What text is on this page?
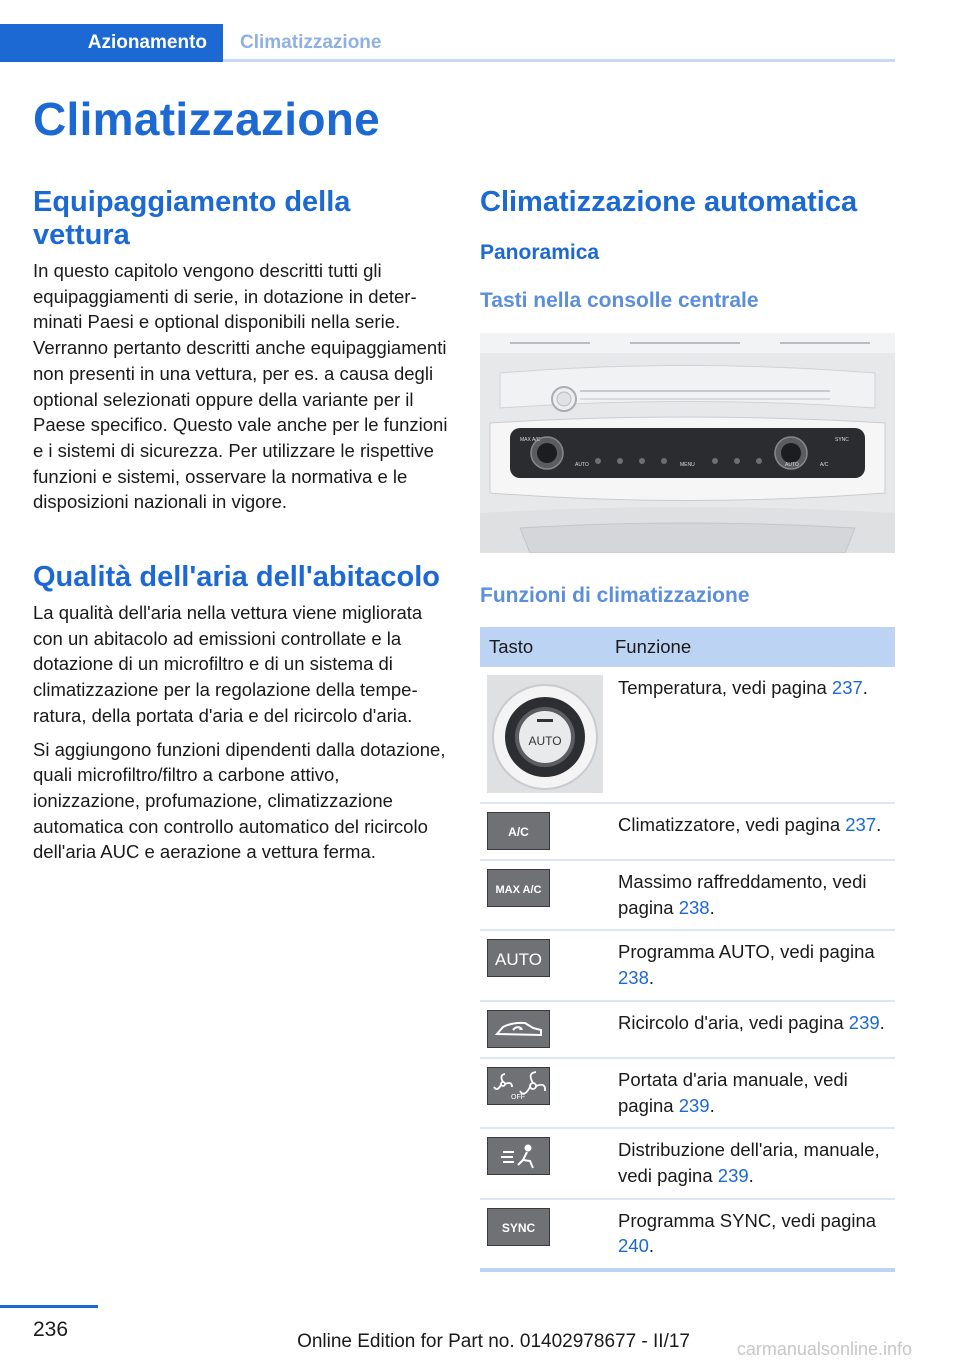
Azionamento	Climatizzazione
Climatizzazione
Equipaggiamento della vettura

In questo capitolo vengono descritti tutti gli equipaggiamenti di serie, in dotazione in determinati Paesi e optional disponibili nella serie. Verranno pertanto descritti anche equipaggiamenti non presenti in una vettura, per es. a causa degli optional selezionati oppure della variante per il Paese specifico. Questo vale anche per le funzioni e i sistemi di sicurezza. Per utilizzare le rispettive funzioni e sistemi, osservare la normativa e le disposizioni nazionali in vigore.

Qualità dell'aria dell'abitacolo

La qualità dell'aria nella vettura viene migliorata con un abitacolo ad emissioni controllate e la dotazione di un microfiltro e di un sistema di climatizzazione per la regolazione della temperatura, della portata d'aria e del ricircolo d'aria.

Si aggiungono funzioni dipendenti dalla dotazione, quali microfiltro/filtro a carbone attivo, ionizzazione, profumazione, climatizzazione automatica con controllo automatico del ricircolo dell'aria AUC e aerazione a vettura ferma.

Climatizzazione automatica
Panoramica
Tasti nella consolle centrale
MAX A/C
AUTO	MENU	AUTO
SYNC
A/C
Funzioni di climatizzazione
Tasto	Funzione

AUTO	Temperatura, vedi pagina 237.

A/C	Climatizzatore, vedi pagina 237.

MAX A/C	Massimo raffreddamento, vedi pagina 238.

AUTO	Programma AUTO, vedi pagina 238.

	Ricircolo d'aria, vedi pagina 239.

OFF	Portata d'aria manuale, vedi pagina 239.

	Distribuzione dell'aria, manuale, vedi pagina 239.

SYNC	Programma SYNC, vedi pagina 240.
236
Online Edition for Part no. 01402978677 - II/17	carmanualsonline.info
